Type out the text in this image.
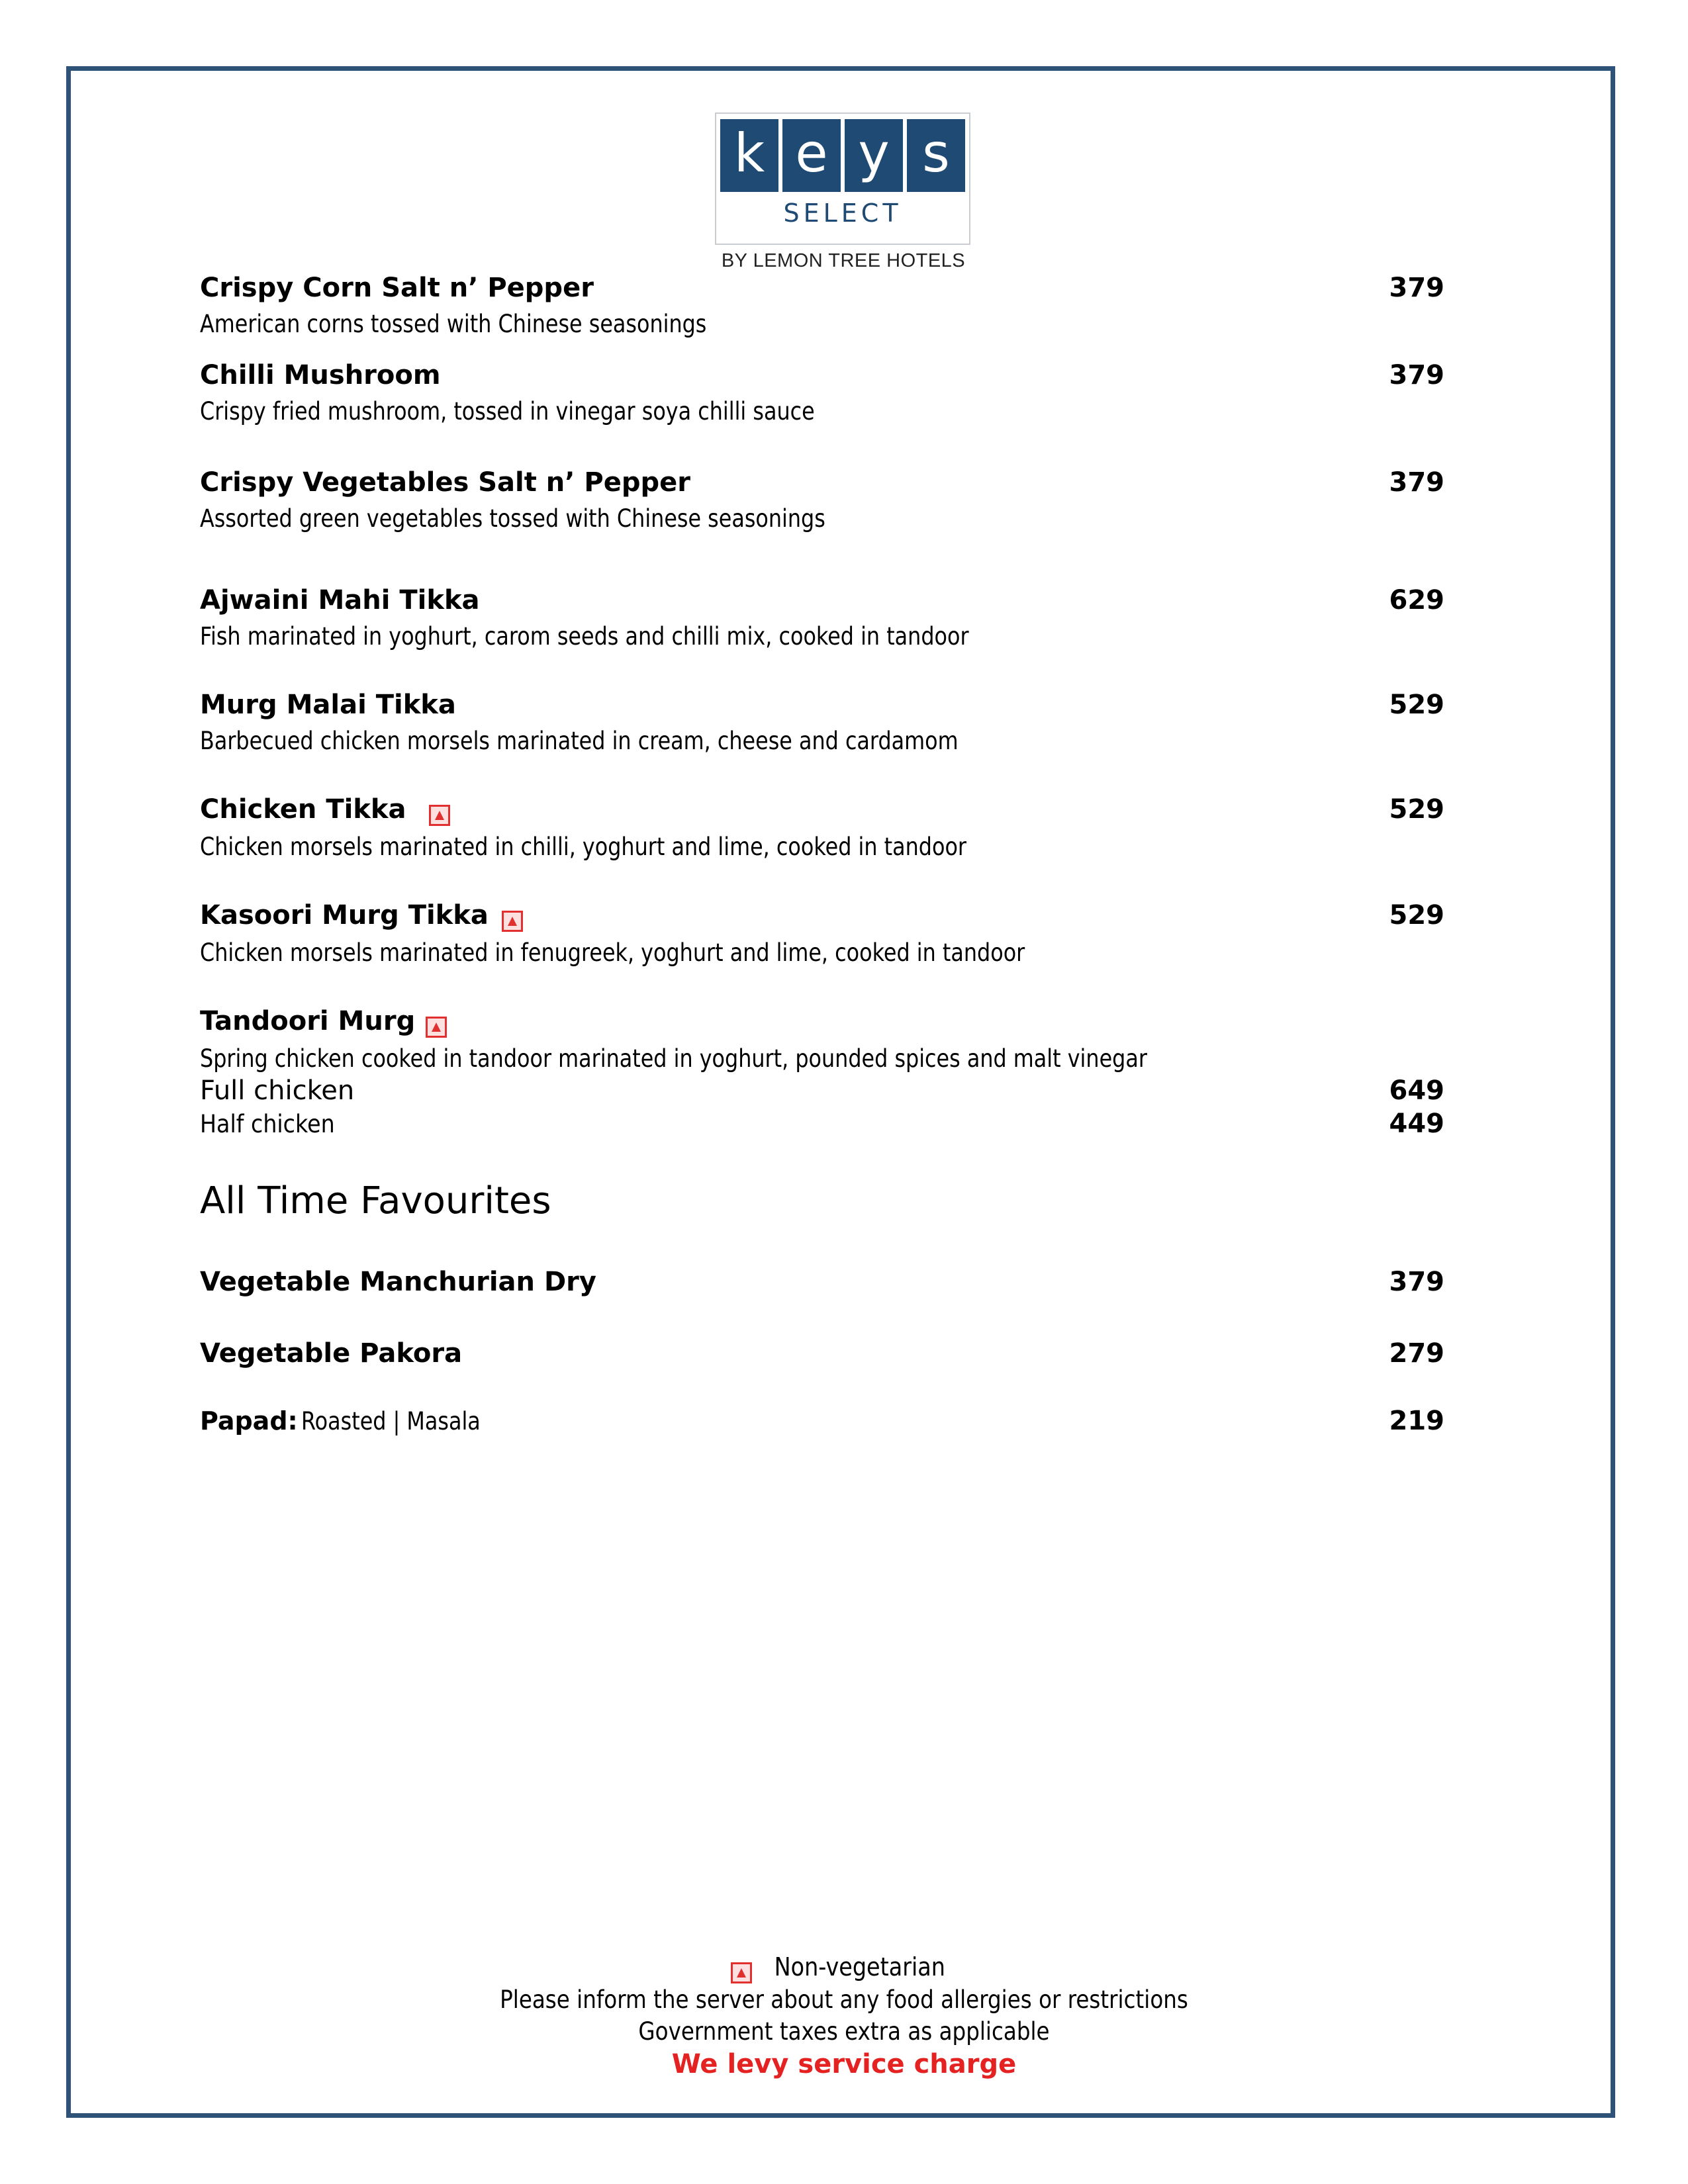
k e y s
SELECT
BY LEMON TREE HOTELS
Crispy Corn Salt n’ Pepper	379
American corns tossed with Chinese seasonings
Chilli Mushroom	379
Crispy fried mushroom, tossed in vinegar soya chilli sauce
Crispy Vegetables Salt n’ Pepper	379
Assorted green vegetables tossed with Chinese seasonings
Ajwaini Mahi Tikka	629
Fish marinated in yoghurt, carom seeds and chilli mix, cooked in tandoor
Murg Malai Tikka	529
Barbecued chicken morsels marinated in cream, cheese and cardamom
Chicken Tikka	529
Chicken morsels marinated in chilli, yoghurt and lime, cooked in tandoor
Kasoori Murg Tikka	529
Chicken morsels marinated in fenugreek, yoghurt and lime, cooked in tandoor
Tandoori Murg
Spring chicken cooked in tandoor marinated in yoghurt, pounded spices and malt vinegar
Full chicken	649
Half chicken	449
All Time Favourites
Vegetable Manchurian Dry	379
Vegetable Pakora	279
Papad: Roasted | Masala	219
Non-vegetarian
Please inform the server about any food allergies or restrictions
Government taxes extra as applicable
We levy service charge
